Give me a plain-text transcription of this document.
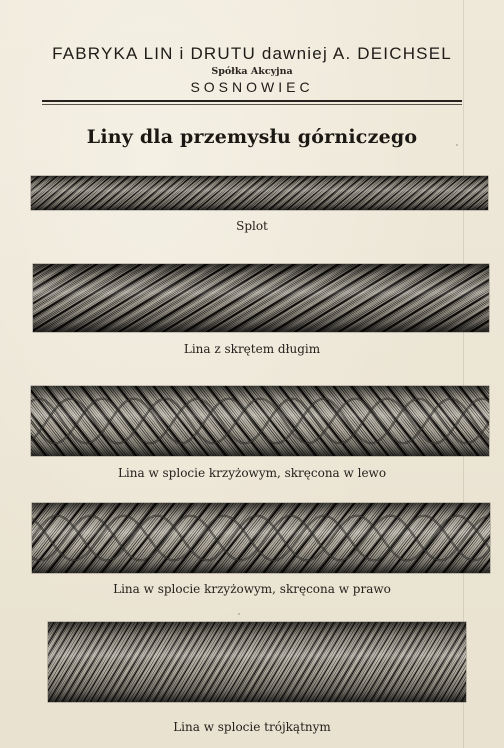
FABRYKA LIN i DRUTU dawniej A. DEICHSEL
Spółka Akcyjna
SOSNOWIEC
Liny dla przemysłu górniczego
Splot
Lina z skrętem długim
Lina w splocie krzyżowym, skręcona w lewo
Lina w splocie krzyżowym, skręcona w prawo
Lina w splocie trójkątnym
